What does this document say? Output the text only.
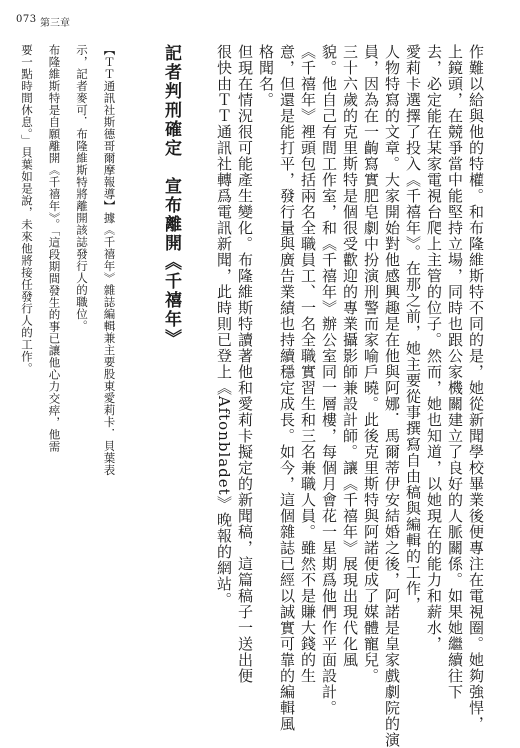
073 第三章

作難以給與他的特權。和布隆維斯特不同的是，她從新聞學校畢業後便專注在電視圈。她夠強悍，

上鏡頭，在競爭當中能堅持立場，同時也跟公家機關建立了良好的人脈關係。如果她繼續往下

去，必定能在某家電視台爬上主管的位子。然而，她也知道，以她現在的能力和薪水，

愛莉卡選擇了投入《千禧年》。在那之前，她主要從事撰寫自由稿與編輯的工作，

人物特寫的文章。大家開始對他感興趣是在他與阿娜．馬爾蒂伊安結婚之後，阿諾是皇家戲劇院的演

員，因為在一齣寫實肥皂劇中扮演刑警而家喻戶曉。此後克里斯特與阿諾便成了媒體寵兒。

三十六歲的克里斯特是個很受歡迎的專業攝影師兼設計師。讓《千禧年》展現出現代化風

貌。他自己有間工作室，和《千禧年》辦公室同一層樓，每個月會花一星期爲他們作平面設計。

《千禧年》裡頭包括兩名全職員工、一名全職實習生和三名兼職人員。雖然不是賺大錢的生

意，但還是能打平，發行量與廣告業績也持續穩定成長。如今，這個雜誌已經以誠實可靠的編輯風

格聞名。

但現在情況很可能產生變化。布隆維斯特讀著他和愛莉卡擬定的新聞稿，這篇稿子一送出便

很快由ＴＴ通訊社轉爲電訊新聞，此時則已登上《Aftonbladet》晚報的網站。

記者判刑確定　宣布離開《千禧年》

【ＴＴ通訊社斯德哥爾摩報導】據《千禧年》雜誌編輯兼主要股東愛莉卡．貝葉表

示，記者麥可．布隆維斯特將離開該誌發行人的職位。

布隆維斯特是自願離開《千禧年》。「這段期間發生的事已讓他心力交瘁，他需

要一點時間休息。」貝葉如是說，未來他將接任發行人的工作。
